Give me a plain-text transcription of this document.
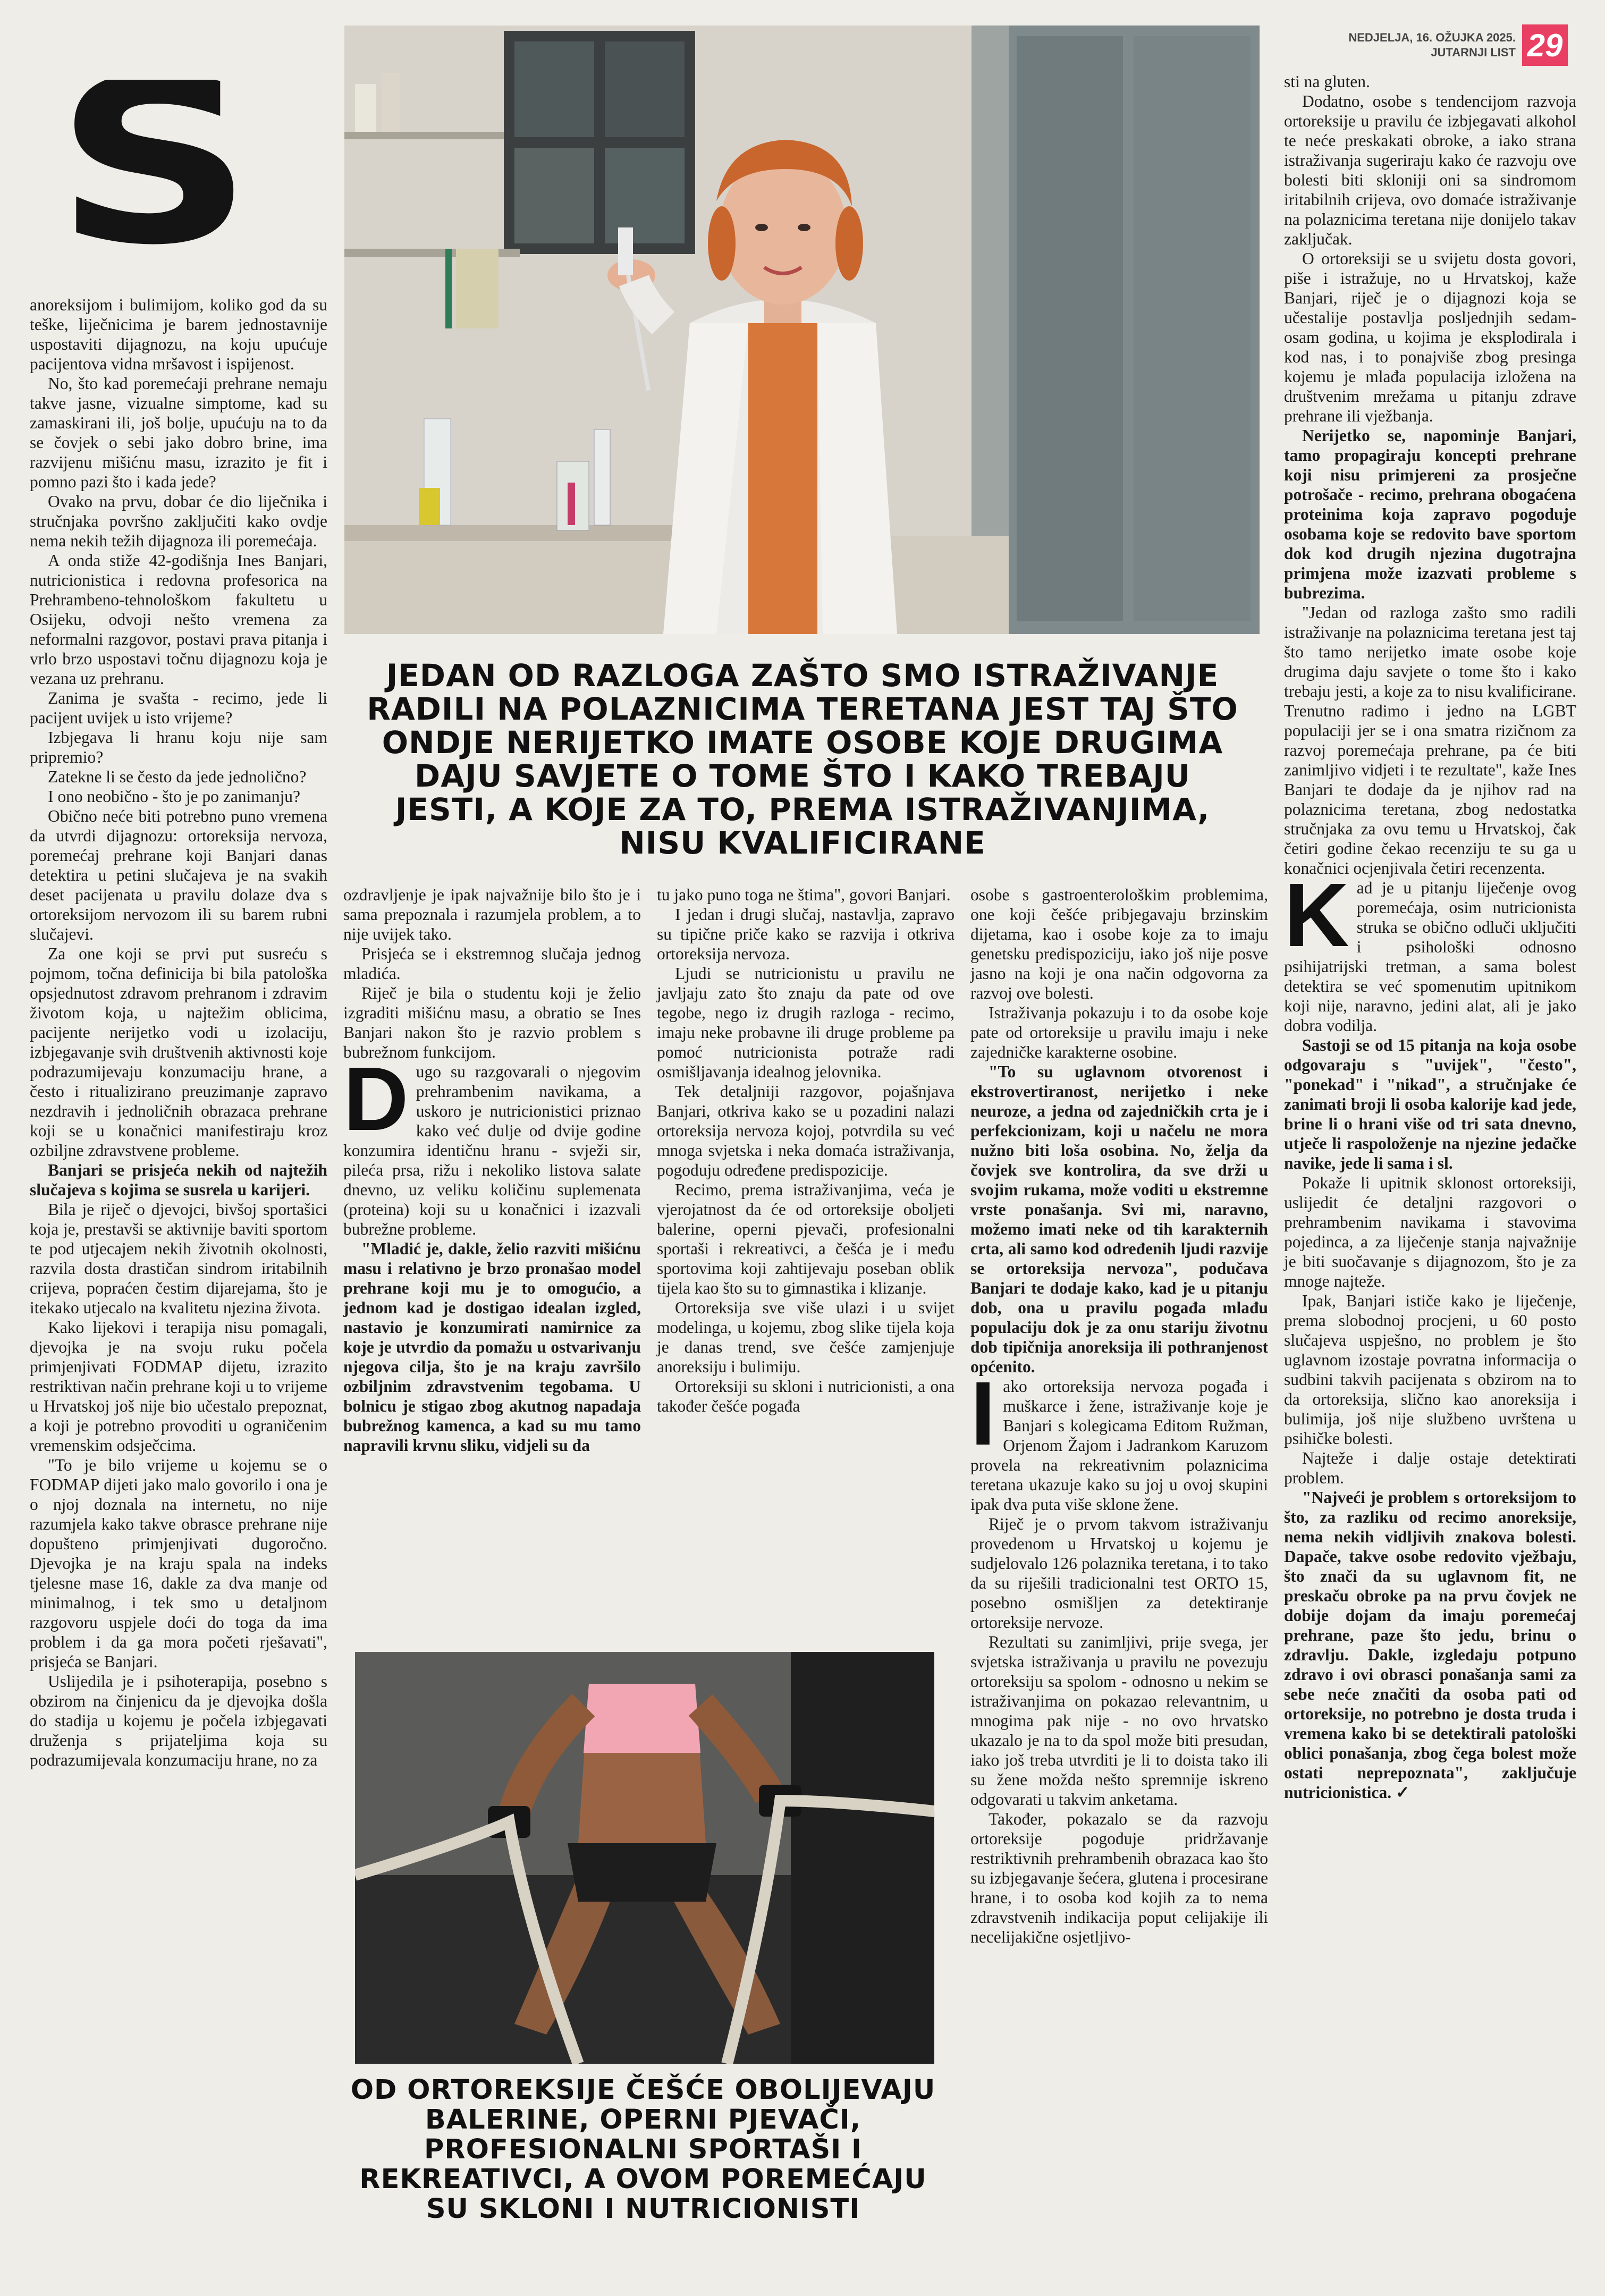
NEDJELJA, 16. OŽUJKA 2025.
JUTARNJI LIST 29
S
JEDAN OD RAZLOGA ZAŠTO SMO ISTRAŽIVANJE RADILI NA POLAZNICIMA TERETANA JEST TAJ ŠTO ONDJE NERIJETKO IMATE OSOBE KOJE DRUGIMA DAJU SAVJETE O TOME ŠTO I KAKO TREBAJU JESTI, A KOJE ZA TO, PREMA ISTRAŽIVANJIMA, NISU KVALIFICIRANE

anoreksijom i bulimijom, koliko god da su teške, liječnicima je barem jednostavnije uspostaviti dijagnozu, na koju upućuje pacijentova vidna mršavost i ispijenost.

No, što kad poremećaji prehrane nemaju takve jasne, vizualne simptome, kad su zamaskirani ili, još bolje, upućuju na to da se čovjek o sebi jako dobro brine, ima razvijenu mišićnu masu, izrazito je fit i pomno pazi što i kada jede?

Ovako na prvu, dobar će dio liječnika i stručnjaka površno zaključiti kako ovdje nema nekih težih dijagnoza ili poremećaja.

A onda stiže 42-godišnja Ines Banjari, nutricionistica i redovna profesorica na Prehrambeno-tehnološkom fakultetu u Osijeku, odvoji nešto vremena za neformalni razgovor, postavi prava pitanja i vrlo brzo uspostavi točnu dijagnozu koja je vezana uz prehranu.

Zanima je svašta - recimo, jede li pacijent uvijek u isto vrijeme?

Izbjegava li hranu koju nije sam pripremio?

Zatekne li se često da jede jednolično?

I ono neobično - što je po zanimanju?

Obično neće biti potrebno puno vremena da utvrdi dijagnozu: ortoreksija nervoza, poremećaj prehrane koji Banjari danas detektira u petini slučajeva je na svakih deset pacijenata u pravilu dolaze dva s ortoreksijom nervozom ili su barem rubni slučajevi.

Za one koji se prvi put susreću s pojmom, točna definicija bi bila patološka opsjednutost zdravom prehranom i zdravim životom koja, u najtežim oblicima, pacijente nerijetko vodi u izolaciju, izbjegavanje svih društvenih aktivnosti koje podrazumijevaju konzumaciju hrane, a često i ritualizirano preuzimanje zapravo nezdravih i jednoličnih obrazaca prehrane koji se u konačnici manifestiraju kroz ozbiljne zdravstvene probleme.

Banjari se prisjeća nekih od najtežih slučajeva s kojima se susrela u karijeri.

Bila je riječ o djevojci, bivšoj sportašici koja je, prestavši se aktivnije baviti sportom te pod utjecajem nekih životnih okolnosti, razvila dosta drastičan sindrom iritabilnih crijeva, popraćen čestim dijarejama, što je itekako utjecalo na kvalitetu njezina života.

Kako lijekovi i terapija nisu pomagali, djevojka je na svoju ruku počela primjenjivati FODMAP dijetu, izrazito restriktivan način prehrane koji u to vrijeme u Hrvatskoj još nije bio učestalo prepoznat, a koji je potrebno provoditi u ograničenim vremenskim odsječcima.

"To je bilo vrijeme u kojemu se o FODMAP dijeti jako malo govorilo i ona je o njoj doznala na internetu, no nije razumjela kako takve obrasce prehrane nije dopušteno primjenjivati dugoročno. Djevojka je na kraju spala na indeks tjelesne mase 16, dakle za dva manje od minimalnog, i tek smo u detaljnom razgovoru uspjele doći do toga da ima problem i da ga mora početi rješavati", prisjeća se Banjari.

Uslijedila je i psihoterapija, posebno s obzirom na činjenicu da je djevojka došla do stadija u kojemu je počela izbjegavati druženja s prijateljima koja su podrazumijevala konzumaciju hrane, no za

ozdravljenje je ipak najvažnije bilo što je i sama prepoznala i razumjela problem, a to nije uvijek tako.

Prisjeća se i ekstremnog slučaja jednog mladića.

Riječ je bila o studentu koji je želio izgraditi mišićnu masu, a obratio se Ines Banjari nakon što je razvio problem s bubrežnom funkcijom.

Dugo su razgovarali o njegovim prehrambenim navikama, a uskoro je nutricionistici priznao kako već dulje od dvije godine konzumira identičnu hranu - svježi sir, pileća prsa, rižu i nekoliko listova salate dnevno, uz veliku količinu suplemenata (proteina) koji su u konačnici i izazvali bubrežne probleme.

"Mladić je, dakle, želio razviti mišićnu masu i relativno je brzo pronašao model prehrane koji mu je to omogućio, a jednom kad je dostigao idealan izgled, nastavio je konzumirati namirnice za koje je utvrdio da pomažu u ostvarivanju njegova cilja, što je na kraju završilo ozbiljnim zdravstvenim tegobama. U bolnicu je stigao zbog akutnog napadaja bubrežnog kamenca, a kad su mu tamo napravili krvnu sliku, vidjeli su da

tu jako puno toga ne štima", govori Banjari.

I jedan i drugi slučaj, nastavlja, zapravo su tipične priče kako se razvija i otkriva ortoreksija nervoza.

Ljudi se nutricionistu u pravilu ne javljaju zato što znaju da pate od ove tegobe, nego iz drugih razloga - recimo, imaju neke probavne ili druge probleme pa pomoć nutricionista potraže radi osmišljavanja idealnog jelovnika.

Tek detaljniji razgovor, pojašnjava Banjari, otkriva kako se u pozadini nalazi ortoreksija nervoza kojoj, potvrdila su već mnoga svjetska i neka domaća istraživanja, pogoduju određene predispozicije.

Recimo, prema istraživanjima, veća je vjerojatnost da će od ortoreksije oboljeti balerine, operni pjevači, profesionalni sportaši i rekreativci, a češća je i među sportovima koji zahtijevaju poseban oblik tijela kao što su to gimnastika i klizanje.

Ortoreksija sve više ulazi i u svijet modelinga, u kojemu, zbog slike tijela koja je danas trend, sve češće zamjenjuje anoreksiju i bulimiju.

Ortoreksiji su skloni i nutricionisti, a ona također češće pogađa

OD ORTOREKSIJE ČEŠĆE OBOLIJEVAJU BALERINE, OPERNI PJEVAČI, PROFESIONALNI SPORTAŠI I REKREATIVCI, A OVOM POREMEĆAJU SU SKLONI I NUTRICIONISTI

osobe s gastroenterološkim problemima, one koji češće pribjegavaju brzinskim dijetama, kao i osobe koje za to imaju genetsku predispoziciju, iako još nije posve jasno na koji je ona način odgovorna za razvoj ove bolesti.

Istraživanja pokazuju i to da osobe koje pate od ortoreksije u pravilu imaju i neke zajedničke karakterne osobine.

"To su uglavnom otvorenost i ekstrovertiranost, nerijetko i neke neuroze, a jedna od zajedničkih crta je i perfekcionizam, koji u načelu ne mora nužno biti loša osobina. No, želja da čovjek sve kontrolira, da sve drži u svojim rukama, može voditi u ekstremne vrste ponašanja. Svi mi, naravno, možemo imati neke od tih karakternih crta, ali samo kod određenih ljudi razvije se ortoreksija nervoza", podučava Banjari te dodaje kako, kad je u pitanju dob, ona u pravilu pogađa mlađu populaciju dok je za onu stariju životnu dob tipičnija anoreksija ili pothranjenost općenito.

Iako ortoreksija nervoza pogađa i muškarce i žene, istraživanje koje je Banjari s kolegicama Editom Ružman, Orjenom Žajom i Jadrankom Karuzom provela na rekreativnim polaznicima teretana ukazuje kako su joj u ovoj skupini ipak dva puta više sklone žene.

Riječ je o prvom takvom istraživanju provedenom u Hrvatskoj u kojemu je sudjelovalo 126 polaznika teretana, i to tako da su riješili tradicionalni test ORTO 15, posebno osmišljen za detektiranje ortoreksije nervoze.

Rezultati su zanimljivi, prije svega, jer svjetska istraživanja u pravilu ne povezuju ortoreksiju sa spolom - odnosno u nekim se istraživanjima on pokazao relevantnim, u mnogima pak nije - no ovo hrvatsko ukazalo je na to da spol može biti presudan, iako još treba utvrditi je li to doista tako ili su žene možda nešto spremnije iskreno odgovarati u takvim anketama.

Također, pokazalo se da razvoju ortoreksije pogoduje pridržavanje restriktivnih prehrambenih obrazaca kao što su izbjegavanje šećera, glutena i procesirane hrane, i to osoba kod kojih za to nema zdravstvenih indikacija poput celijakije ili necelijakične osjetljivo-

sti na gluten.

Dodatno, osobe s tendencijom razvoja ortoreksije u pravilu će izbjegavati alkohol te neće preskakati obroke, a iako strana istraživanja sugeriraju kako će razvoju ove bolesti biti skloniji oni sa sindromom iritabilnih crijeva, ovo domaće istraživanje na polaznicima teretana nije donijelo takav zaključak.

O ortoreksiji se u svijetu dosta govori, piše i istražuje, no u Hrvatskoj, kaže Banjari, riječ je o dijagnozi koja se učestalije postavlja posljednjih sedam-osam godina, u kojima je eksplodirala i kod nas, i to ponajviše zbog presinga kojemu je mlađa populacija izložena na društvenim mrežama u pitanju zdrave prehrane ili vježbanja.

Nerijetko se, napominje Banjari, tamo propagiraju koncepti prehrane koji nisu primjereni za prosječne potrošače - recimo, prehrana obogaćena proteinima koja zapravo pogoduje osobama koje se redovito bave sportom dok kod drugih njezina dugotrajna primjena može izazvati probleme s bubrezima.

"Jedan od razloga zašto smo radili istraživanje na polaznicima teretana jest taj što tamo nerijetko imate osobe koje drugima daju savjete o tome što i kako trebaju jesti, a koje za to nisu kvalificirane. Trenutno radimo i jedno na LGBT populaciji jer se i ona smatra rizičnom za razvoj poremećaja prehrane, pa će biti zanimljivo vidjeti i te rezultate", kaže Ines Banjari te dodaje da je njihov rad na polaznicima teretana, zbog nedostatka stručnjaka za ovu temu u Hrvatskoj, čak četiri godine čekao recenziju te su ga u konačnici ocjenjivala četiri recenzenta.

Kad je u pitanju liječenje ovog poremećaja, osim nutricionista struka se obično odluči uključiti i psihološki odnosno psihijatrijski tretman, a sama bolest detektira se već spomenutim upitnikom koji nije, naravno, jedini alat, ali je jako dobra vodilja.

Sastoji se od 15 pitanja na koja osobe odgovaraju s "uvijek", "često", "ponekad" i "nikad", a stručnjake će zanimati broji li osoba kalorije kad jede, brine li o hrani više od tri sata dnevno, utječe li raspoloženje na njezine jedačke navike, jede li sama i sl.

Pokaže li upitnik sklonost ortoreksiji, uslijedit će detaljni razgovori o prehrambenim navikama i stavovima pojedinca, a za liječenje stanja najvažnije je biti suočavanje s dijagnozom, što je za mnoge najteže.

Ipak, Banjari ističe kako je liječenje, prema slobodnoj procjeni, u 60 posto slučajeva uspješno, no problem je što uglavnom izostaje povratna informacija o sudbini takvih pacijenata s obzirom na to da ortoreksija, slično kao anoreksija i bulimija, još nije službeno uvrštena u psihičke bolesti.

Najteže i dalje ostaje detektirati problem.

"Najveći je problem s ortoreksijom to što, za razliku od recimo anoreksije, nema nekih vidljivih znakova bolesti. Dapače, takve osobe redovito vježbaju, što znači da su uglavnom fit, ne preskaču obroke pa na prvu čovjek ne dobije dojam da imaju poremećaj prehrane, paze što jedu, brinu o zdravlju. Dakle, izgledaju potpuno zdravo i ovi obrasci ponašanja sami za sebe neće značiti da osoba pati od ortoreksije, no potrebno je dosta truda i vremena kako bi se detektirali patološki oblici ponašanja, zbog čega bolest može ostati neprepoznata", zaključuje nutricionistica. ✓
